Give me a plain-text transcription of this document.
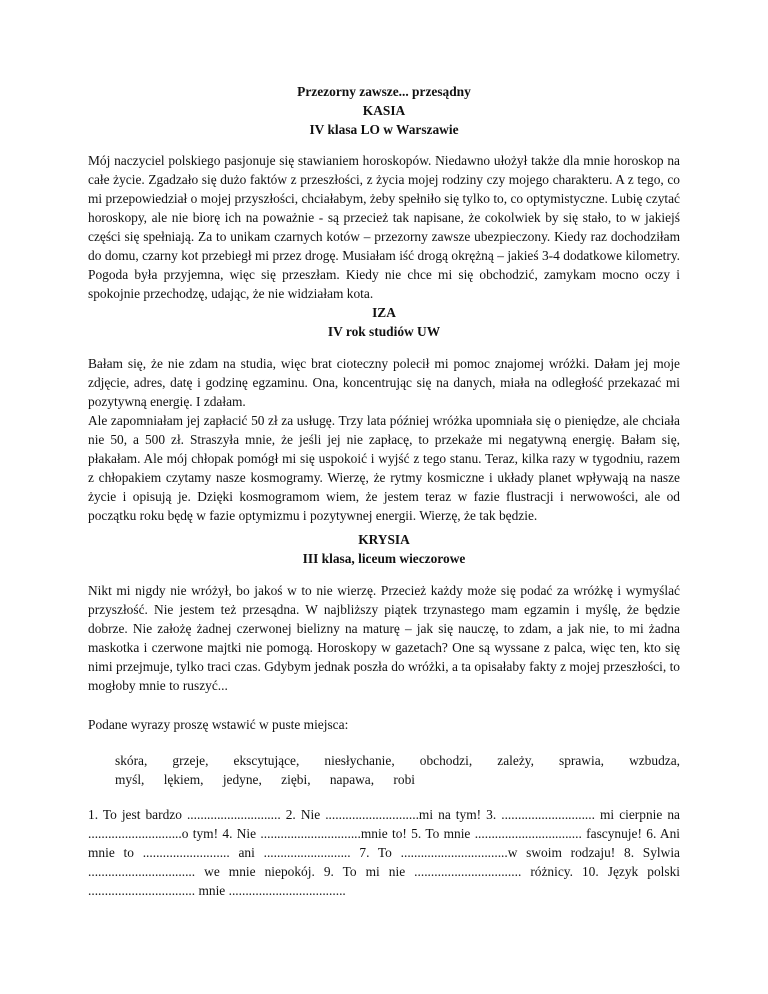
Przezorny zawsze... przesądny
KASIA
IV klasa LO w Warszawie

Mój naczyciel polskiego pasjonuje się stawianiem horoskopów. Niedawno ułożył także dla mnie horoskop na całe życie. Zgadzało się dużo faktów z przeszłości, z życia mojej rodziny czy mojego charakteru. A z tego, co mi przepowiedział o mojej przyszłości, chciałabym, żeby spełniło się tylko to, co optymistyczne. Lubię czytać horoskopy, ale nie biorę ich na poważnie - są przecież tak napisane, że cokolwiek by się stało, to w jakiejś części się spełniają. Za to unikam czarnych kotów – przezorny zawsze ubezpieczony. Kiedy raz dochodziłam do domu, czarny kot przebiegł mi przez drogę. Musiałam iść drogą okrężną – jakieś 3-4 dodatkowe kilometry. Pogoda była przyjemna, więc się przeszłam. Kiedy nie chce mi się obchodzić, zamykam mocno oczy i spokojnie przechodzę, udając, że nie widziałam kota.

IZA
IV rok studiów UW

Bałam się, że nie zdam na studia, więc brat cioteczny polecił mi pomoc znajomej wróżki. Dałam jej moje zdjęcie, adres, datę i godzinę egzaminu. Ona, koncentrując się na danych, miała na odległość przekazać mi pozytywną energię. I zdałam.

Ale zapomniałam jej zapłacić 50 zł za usługę. Trzy lata później wróżka upomniała się o pieniędze, ale chciała nie 50, a 500 zł. Straszyła mnie, że jeśli jej nie zapłacę, to przekaże mi negatywną energię. Bałam się, płakałam. Ale mój chłopak pomógł mi się uspokoić i wyjść z tego stanu. Teraz, kilka razy w tygodniu, razem z chłopakiem czytamy nasze kosmogramy. Wierzę, że rytmy kosmiczne i układy planet wpływają na nasze życie i opisują je. Dzięki kosmogramom wiem, że jestem teraz w fazie flustracji i nerwowości, ale od początku roku będę w fazie optymizmu i pozytywnej energii. Wierzę, że tak będzie.

KRYSIA
III klasa, liceum wieczorowe

Nikt mi nigdy nie wróżył, bo jakoś w to nie wierzę. Przecież każdy może się podać za wróżkę i wymyślać przyszłość. Nie jestem też przesądna. W najbliższy piątek trzynastego mam egzamin i myślę, że będzie dobrze. Nie założę żadnej czerwonej bielizny na maturę – jak się nauczę, to zdam, a jak nie, to mi żadna maskotka i czerwone majtki nie pomogą. Horoskopy w gazetach? One są wyssane z palca, więc ten, kto się nimi przejmuje, tylko traci czas. Gdybym jednak poszła do wróżki, a ta opisałaby fakty z mojej przeszłości, to mogłoby mnie to ruszyć...

Podane wyrazy proszę wstawić w puste miejsca:
skóra, grzeje, ekscytujące, niesłychanie, obchodzi, zależy, sprawia, wzbudza,
myśl, lękiem, jedyne, ziębi, napawa, robi
1. To jest bardzo ............................ 2. Nie ............................mi na tym! 3. ............................ mi cierpnie na ............................o tym! 4. Nie ..............................mnie to! 5. To mnie ................................ fascynuje! 6. Ani mnie to .......................... ani .......................... 7. To ................................w swoim rodzaju! 8. Sylwia ................................ we mnie niepokój. 9. To mi nie ................................ różnicy. 10. Język polski ................................ mnie ...................................
